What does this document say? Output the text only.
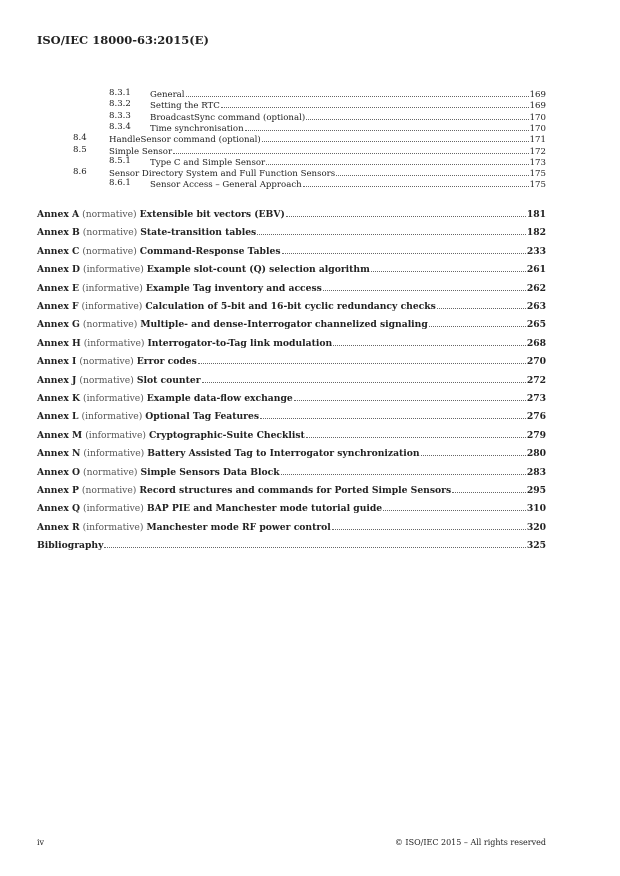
ISO/IEC 18000-63:2015(E)
8.3.1 General	169
8.3.2 Setting the RTC	169
8.3.3 BroadcastSync command (optional)	170
8.3.4 Time synchronisation	170
8.4	HandleSensor command (optional)	171
8.5	Simple Sensor	172
8.5.1 Type C and Simple Sensor	173
8.6	Sensor Directory System and Full Function Sensors	175
8.6.1 Sensor Access – General Approach	175
Annex A (normative) Extensible bit vectors (EBV)	181
Annex B (normative) State-transition tables	182
Annex C (normative) Command-Response Tables	233
Annex D (informative) Example slot-count (Q) selection algorithm	261
Annex E (informative) Example Tag inventory and access	262
Annex F (informative) Calculation of 5-bit and 16-bit cyclic redundancy checks	263
Annex G (normative) Multiple- and dense-Interrogator channelized signaling	265
Annex H (informative) Interrogator-to-Tag link modulation	268
Annex I (normative) Error codes	270
Annex J (normative) Slot counter	272
Annex K (informative) Example data-flow exchange	273
Annex L (informative) Optional Tag Features	276
Annex M (informative) Cryptographic-Suite Checklist	279
Annex N (informative) Battery Assisted Tag to Interrogator synchronization	280
Annex O (normative) Simple Sensors Data Block	283
Annex P (normative) Record structures and commands for Ported Simple Sensors	295
Annex Q (informative) BAP PIE and Manchester mode tutorial guide	310
Annex R (informative) Manchester mode RF power control	320
Bibliography	325
iv	© ISO/IEC 2015 – All rights reserved
